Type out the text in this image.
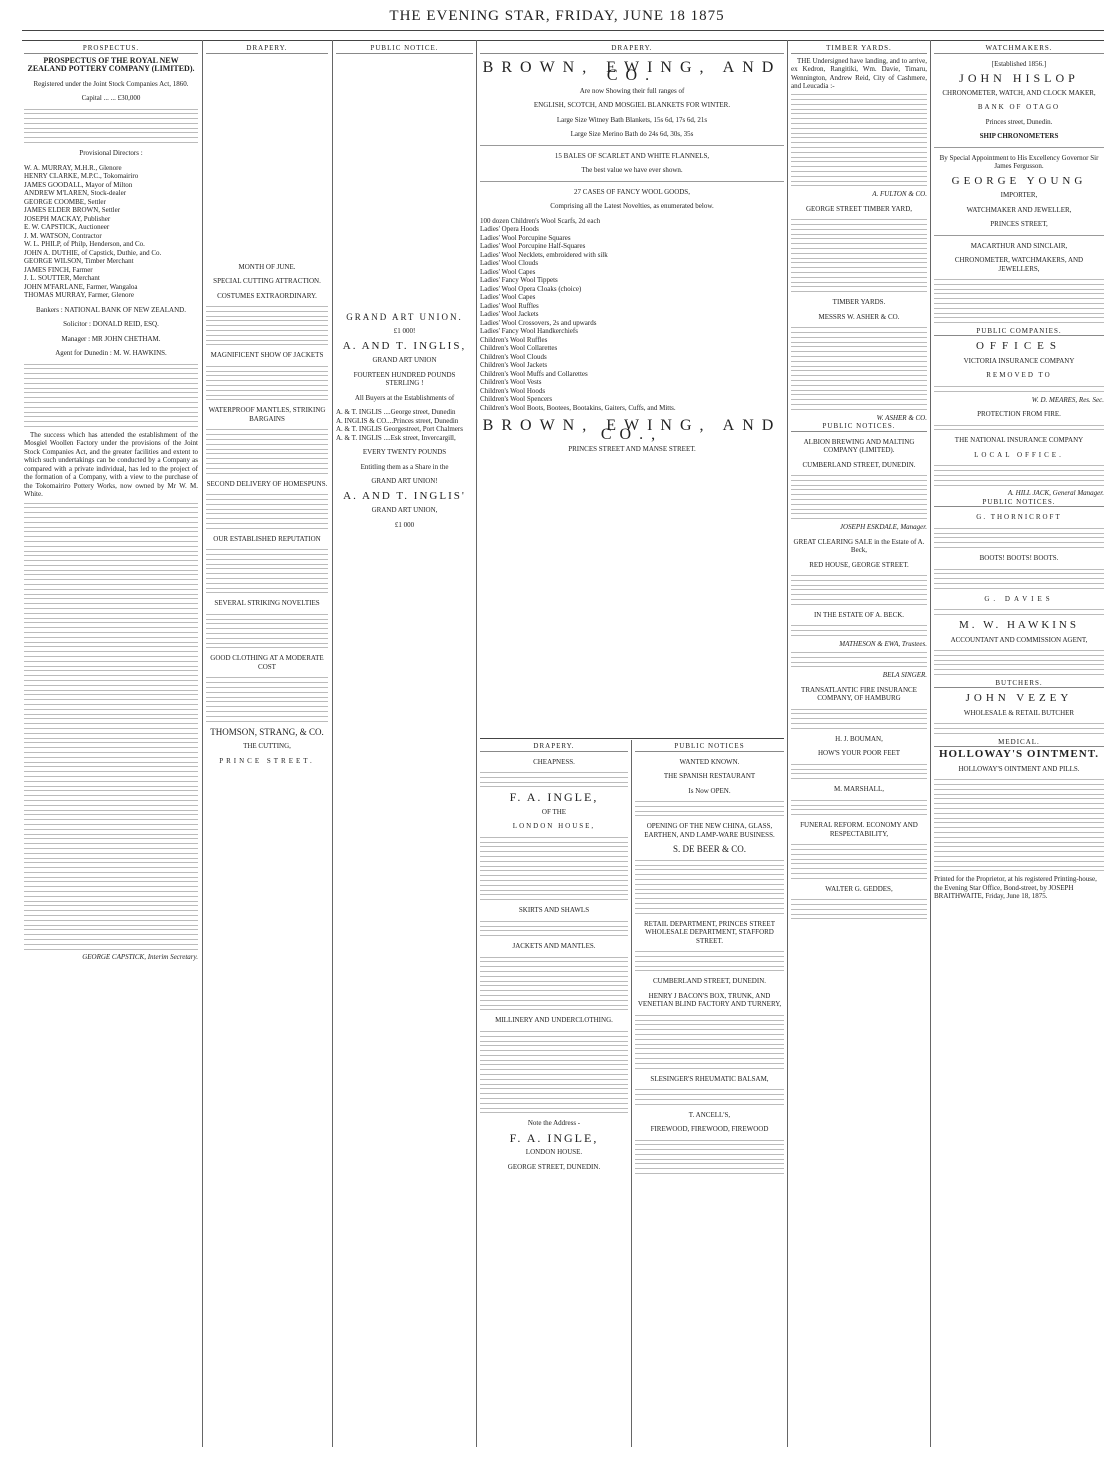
THE EVENING STAR, FRIDAY, JUNE 18 1875
PROSPECTUS.
PROSPECTUS OF THE ROYAL NEW ZEALAND POTTERY COMPANY (LIMITED).
Registered under the Joint Stock Companies Act, 1860.
Capital ... ... £30,000
Provisional Directors :
W. A. MURRAY, M.H.R., Glenore
HENRY CLARKE, M.P.C., Tokomairiro
JAMES GOODALL, Mayor of Milton
ANDREW M'LAREN, Stock-dealer
GEORGE COOMBE, Settler
JAMES ELDER BROWN, Settler
JOSEPH MACKAY, Publisher
E. W. CAPSTICK, Auctioneer
J. M. WATSON, Contractor
W. L. PHILP, of Philp, Henderson, and Co.
JOHN A. DUTHIE, of Capstick, Duthie, and Co.
GEORGE WILSON, Timber Merchant
JAMES FINCH, Farmer
J. L. SOUTTER, Merchant
JOHN M'FARLANE, Farmer, Wangaloa
THOMAS MURRAY, Farmer, Glenore
Bankers : NATIONAL BANK OF NEW ZEALAND.
Solicitor : DONALD REID, ESQ.
Manager : MR JOHN CHETHAM.
Agent for Dunedin : M. W. HAWKINS.

The success which has attended the establishment of the Mosgiel Woollen Factory under the provisions of the Joint Stock Companies Act, and the greater facilities and extent to which such undertakings can be conducted by a Company as compared with a private individual, has led to the project of the formation of a Company, with a view to the purchase of the Tokomairiro Pottery Works, now owned by Mr W. M. White.

GEORGE CAPSTICK, Interim Secretary.
DRAPERY.
MONTH OF JUNE.
SPECIAL CUTTING ATTRACTION.
COSTUMES EXTRAORDINARY.
MAGNIFICENT SHOW OF JACKETS
WATERPROOF MANTLES, STRIKING BARGAINS
SECOND DELIVERY OF HOMESPUNS.
OUR ESTABLISHED REPUTATION
SEVERAL STRIKING NOVELTIES
GOOD CLOTHING AT A MODERATE COST
THOMSON, STRANG, & CO.
THE CUTTING,
PRINCE STREET.
PUBLIC NOTICE.
GRAND ART UNION.
£1 000!
A. AND T. INGLIS,
GRAND ART UNION
FOURTEEN HUNDRED POUNDS STERLING !
All Buyers at the Establishments of
A. & T. INGLIS ....George street, Dunedin
A. INGLIS & CO....Princes street, Dunedin
A. & T. INGLIS Georgestreet, Port Chalmers
A. & T. INGLIS ....Esk street, Invercargill,
EVERY TWENTY POUNDS
Entitling them as a Share in the
GRAND ART UNION!
A. AND T. INGLIS'
GRAND ART UNION,
£1 000
DRAPERY.
BROWN, EWING, AND CO.
Are now Showing their full ranges of
ENGLISH, SCOTCH, AND MOSGIEL BLANKETS FOR WINTER.
Large Size Witney Bath Blankets, 15s 6d, 17s 6d, 21s
Large Size Merino Bath do 24s 6d, 30s, 35s
15 BALES OF SCARLET AND WHITE FLANNELS,
The best value we have ever shown.
27 CASES OF FANCY WOOL GOODS,
Comprising all the Latest Novelties, as enumerated below.
100 dozen Children's Wool Scarfs, 2d each
Ladies' Opera Hoods
Ladies' Wool Porcupine Squares
Ladies' Wool Porcupine Half-Squares
Ladies' Wool Necklets, embroidered with silk
Ladies' Wool Clouds
Ladies' Wool Capes
Ladies' Fancy Wool Tippets
Ladies' Wool Opera Cloaks (choice)
Ladies' Wool Capes
Ladies' Wool Ruffles
Ladies' Wool Jackets
Ladies' Wool Crossovers, 2s and upwards
Ladies' Fancy Wool Handkerchiefs
Children's Wool Ruffles
Children's Wool Collarettes
Children's Wool Clouds
Children's Wool Jackets
Children's Wool Muffs and Collarettes
Children's Wool Vests
Children's Wool Hoods
Children's Wool Spencers
Children's Wool Boots, Bootees, Bootakins, Gaiters, Cuffs, and Mitts.
BROWN, EWING, AND CO.,
PRINCES STREET AND MANSE STREET.
DRAPERY.
CHEAPNESS.
F. A. INGLE,
OF THE
LONDON HOUSE,
SKIRTS AND SHAWLS
JACKETS AND MANTLES.
MILLINERY AND UNDERCLOTHING.
Note the Address -
F. A. INGLE,
LONDON HOUSE.
GEORGE STREET, DUNEDIN.
PUBLIC NOTICES
WANTED KNOWN.
THE SPANISH RESTAURANT
Is Now OPEN.
OPENING OF THE NEW CHINA, GLASS, EARTHEN, AND LAMP-WARE BUSINESS.
S. DE BEER & CO.
RETAIL DEPARTMENT, PRINCES STREET WHOLESALE DEPARTMENT, STAFFORD STREET.
CUMBERLAND STREET, DUNEDIN.
HENRY J BACON'S BOX, TRUNK, AND VENETIAN BLIND FACTORY AND TURNERY,
SLESINGER'S RHEUMATIC BALSAM,
T. ANCELL'S,
FIREWOOD, FIREWOOD, FIREWOOD
TIMBER YARDS.

THE Undersigned have landing, and to arrive, ex Kedron, Rangitiki, Wm. Davie, Timaru, Wennington, Andrew Reid, City of Cashmere, and Leucadia :-

A. FULTON & CO.
GEORGE STREET TIMBER YARD,
TIMBER YARDS.
MESSRS W. ASHER & CO.
W. ASHER & CO.
PUBLIC NOTICES.
ALBION BREWING AND MALTING COMPANY (LIMITED).
CUMBERLAND STREET, DUNEDIN.
JOSEPH ESKDALE, Manager.
GREAT CLEARING SALE in the Estate of A. Beck,
RED HOUSE, GEORGE STREET.
IN THE ESTATE OF A. BECK.
MATHESON & EWA, Trustees.
BELA SINGER.
TRANSATLANTIC FIRE INSURANCE COMPANY, OF HAMBURG
H. J. BOUMAN,
HOW'S YOUR POOR FEET
M. MARSHALL,
FUNERAL REFORM. ECONOMY AND RESPECTABILITY,
WALTER G. GEDDES,
WATCHMAKERS.
[Established 1856.]
JOHN HISLOP
CHRONOMETER, WATCH, AND CLOCK MAKER,
BANK OF OTAGO
Princes street, Dunedin.
SHIP CHRONOMETERS
By Special Appointment to His Excellency Governor Sir James Fergusson.
GEORGE YOUNG
IMPORTER,
WATCHMAKER AND JEWELLER,
PRINCES STREET,
MACARTHUR AND SINCLAIR,
CHRONOMETER, WATCHMAKERS, AND JEWELLERS,
PUBLIC COMPANIES.
OFFICES
VICTORIA INSURANCE COMPANY
REMOVED TO
W. D. MEARES, Res. Sec.
PROTECTION FROM FIRE.
THE NATIONAL INSURANCE COMPANY
LOCAL OFFICE.
A. HILL JACK, General Manager.
PUBLIC NOTICES.
G. THORNICROFT
BOOTS! BOOTS! BOOTS.
G. DAVIES
M. W. HAWKINS
ACCOUNTANT AND COMMISSION AGENT,
BUTCHERS.
JOHN VEZEY
WHOLESALE & RETAIL BUTCHER
MEDICAL.
HOLLOWAY'S OINTMENT.
HOLLOWAY'S OINTMENT AND PILLS.
Printed for the Proprietor, at his registered Printing-house, the Evening Star Office, Bond-street, by JOSEPH BRAITHWAITE, Friday, June 18, 1875.
